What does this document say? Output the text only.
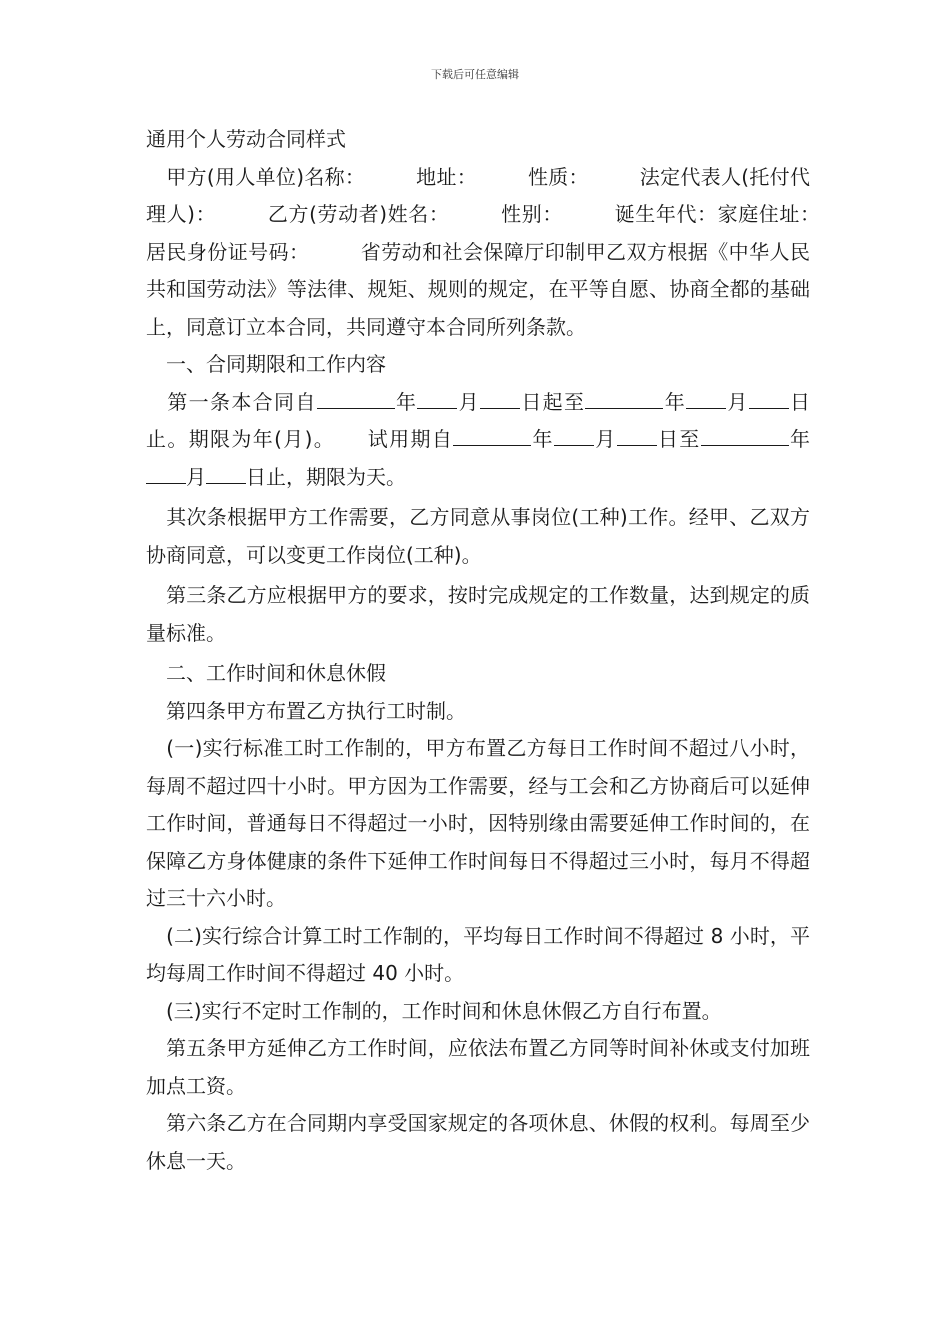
下载后可任意编辑

通用个人劳动合同样式

　甲方(用人单位)名称：　　　地址：　　　性质：　　　法定代表人(托付代理人)：　　　乙方(劳动者)姓名：　　　性别：　　　诞生年代：家庭住址：　　　居民身份证号码：　　　省劳动和社会保障厅印制甲乙双方根据《中华人民共和国劳动法》等法律、规矩、规则的规定，在平等自愿、协商全都的基础上，同意订立本合同，共同遵守本合同所列条款。

　一、合同期限和工作内容

　第一条本合同自	年 月 日起至	年 月 日止。期限为年(月)。　　试用期自	年 月 日至	年月 日止，期限为天。

　其次条根据甲方工作需要，乙方同意从事岗位(工种)工作。经甲、乙双方协商同意，可以变更工作岗位(工种)。

　第三条乙方应根据甲方的要求，按时完成规定的工作数量，达到规定的质量标准。

　二、工作时间和休息休假

　第四条甲方布置乙方执行工时制。

　(一)实行标准工时工作制的，甲方布置乙方每日工作时间不超过八小时，每周不超过四十小时。甲方因为工作需要，经与工会和乙方协商后可以延伸工作时间，普通每日不得超过一小时，因特别缘由需要延伸工作时间的，在保障乙方身体健康的条件下延伸工作时间每日不得超过三小时，每月不得超过三十六小时。

　(二)实行综合计算工时工作制的，平均每日工作时间不得超过 8 小时，平均每周工作时间不得超过 40 小时。

　(三)实行不定时工作制的，工作时间和休息休假乙方自行布置。

　第五条甲方延伸乙方工作时间，应依法布置乙方同等时间补休或支付加班加点工资。

　第六条乙方在合同期内享受国家规定的各项休息、休假的权利。每周至少休息一天。
